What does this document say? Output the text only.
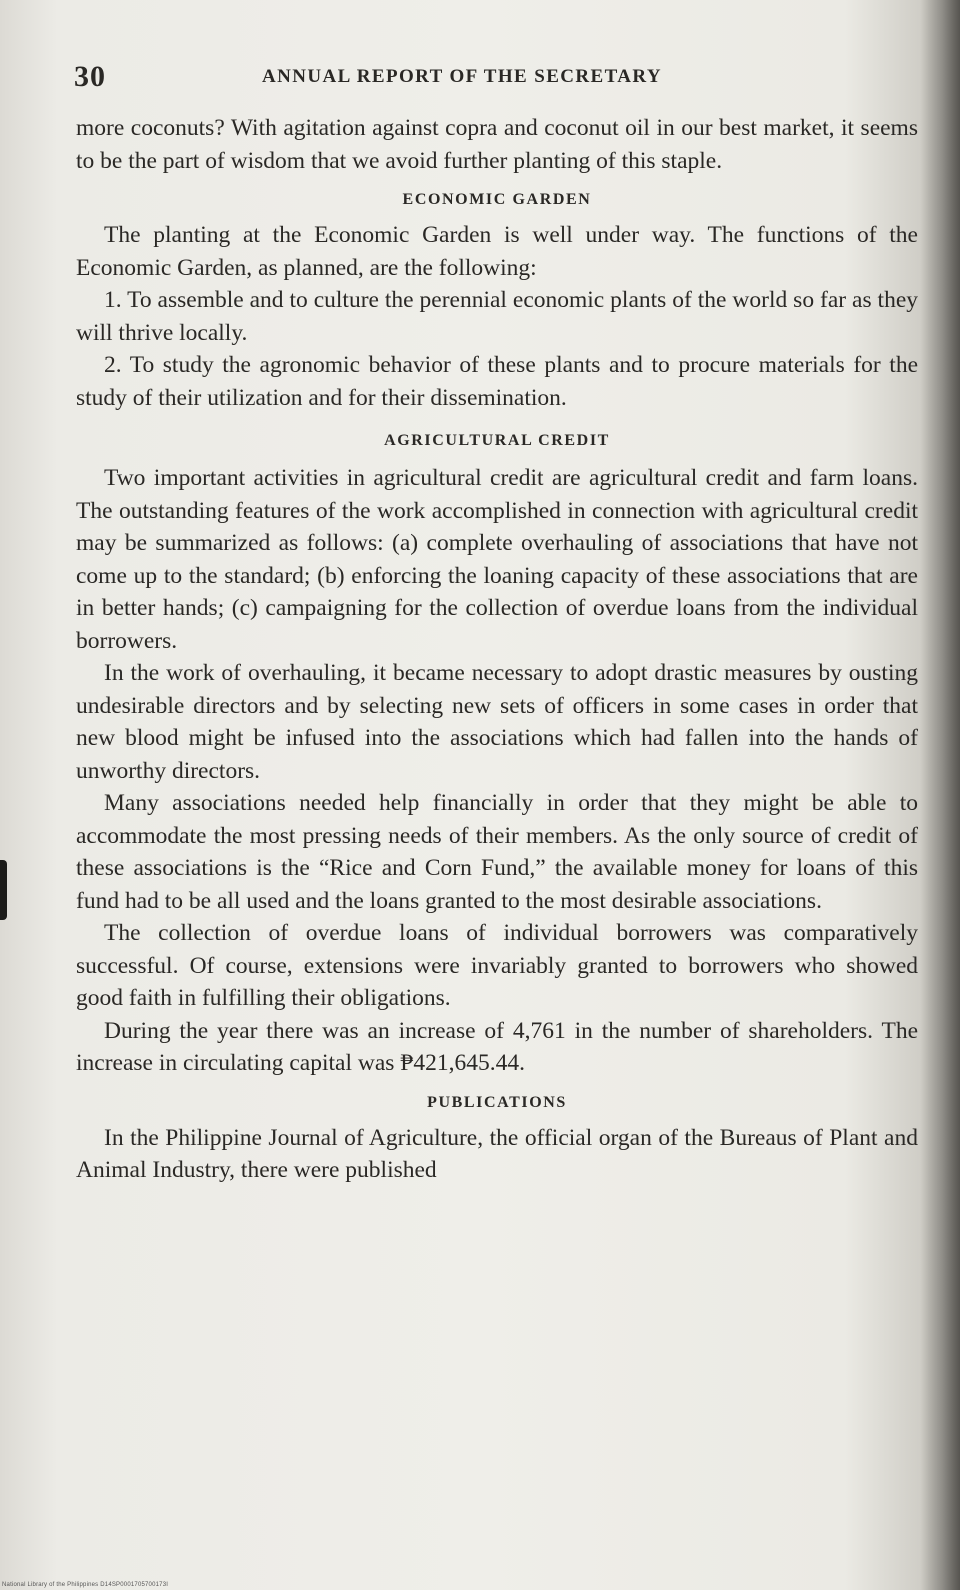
30	ANNUAL REPORT OF THE SECRETARY

more coconuts? With agitation against copra and coconut oil in our best market, it seems to be the part of wisdom that we avoid further planting of this staple.

ECONOMIC GARDEN

The planting at the Economic Garden is well under way. The functions of the Economic Garden, as planned, are the following:

1. To assemble and to culture the perennial economic plants of the world so far as they will thrive locally.

2. To study the agronomic behavior of these plants and to procure materials for the study of their utilization and for their dissemination.

AGRICULTURAL CREDIT

Two important activities in agricultural credit are agricultural credit and farm loans. The outstanding features of the work accomplished in connection with agricultural credit may be summarized as follows: (a) complete overhauling of associations that have not come up to the standard; (b) enforcing the loaning capacity of these associations that are in better hands; (c) campaigning for the collection of overdue loans from the individual borrowers.

In the work of overhauling, it became necessary to adopt drastic measures by ousting undesirable directors and by selecting new sets of officers in some cases in order that new blood might be infused into the associations which had fallen into the hands of unworthy directors.

Many associations needed help financially in order that they might be able to accommodate the most pressing needs of their members. As the only source of credit of these associations is the “Rice and Corn Fund,” the available money for loans of this fund had to be all used and the loans granted to the most desirable associations.

The collection of overdue loans of individual borrowers was comparatively successful. Of course, extensions were invariably granted to borrowers who showed good faith in fulfilling their obligations.

During the year there was an increase of 4,761 in the number of shareholders. The increase in circulating capital was ₱421,645.44.

PUBLICATIONS

In the Philippine Journal of Agriculture, the official organ of the Bureaus of Plant and Animal Industry, there were published

National Library of the Philippines D14SP0001705700173I
